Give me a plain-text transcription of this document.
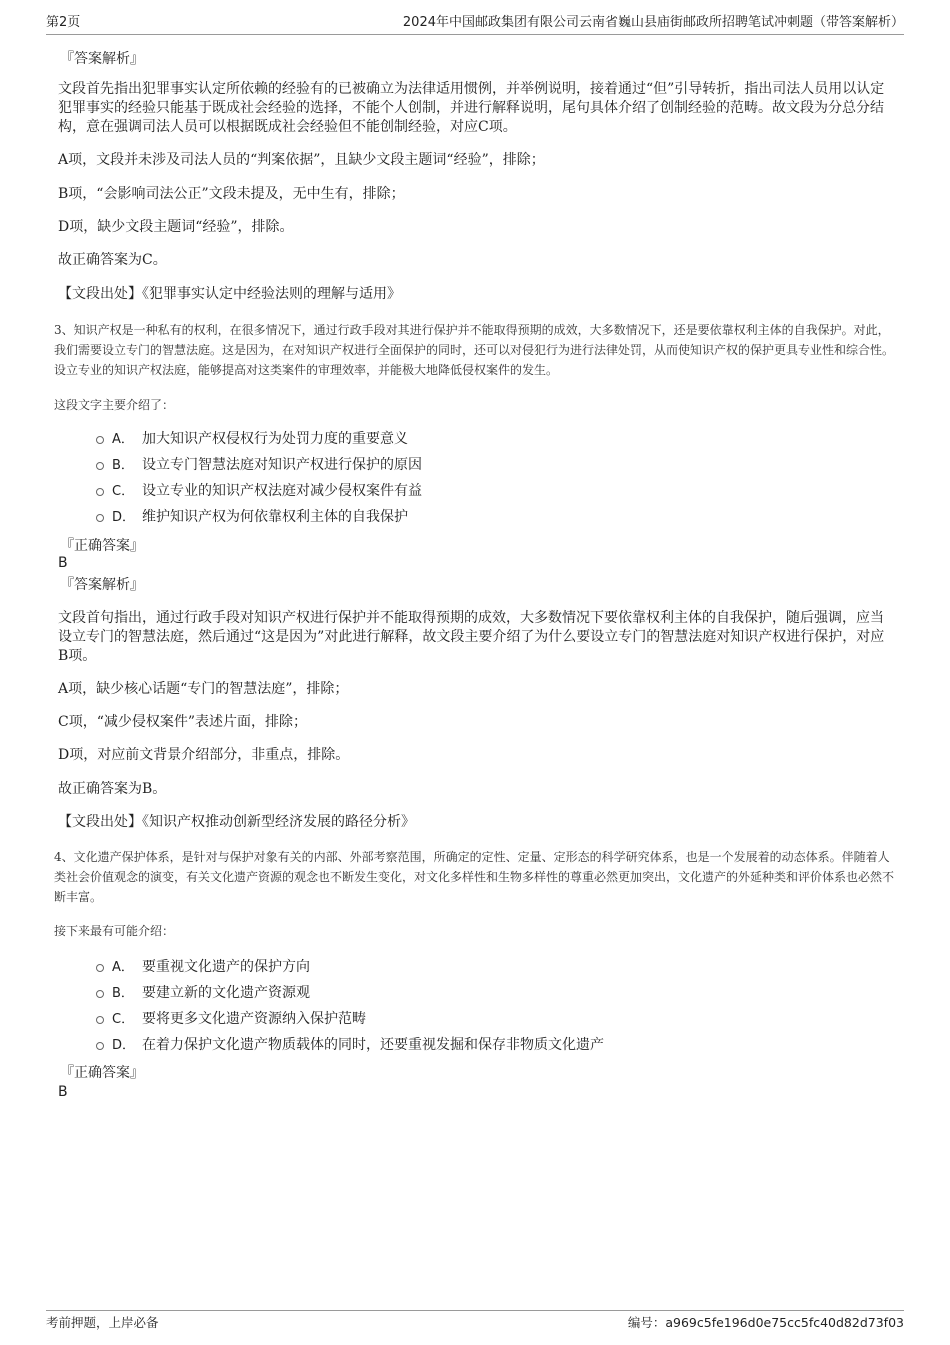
第2页	2024年中国邮政集团有限公司云南省巍山县庙街邮政所招聘笔试冲刺题（带答案解析）
『答案解析』

文段首先指出犯罪事实认定所依赖的经验有的已被确立为法律适用惯例，并举例说明，接着通过“但”引导转折，指出司法人员用以认定犯罪事实的经验只能基于既成社会经验的选择，不能个人创制，并进行解释说明，尾句具体介绍了创制经验的范畴。故文段为分总分结构，意在强调司法人员可以根据既成社会经验但不能创制经验，对应C项。

A项，文段并未涉及司法人员的“判案依据”，且缺少文段主题词“经验”，排除；
B项，“会影响司法公正”文段未提及，无中生有，排除；
D项，缺少文段主题词“经验”，排除。
故正确答案为C。
【文段出处】《犯罪事实认定中经验法则的理解与适用》

3、知识产权是一种私有的权利，在很多情况下，通过行政手段对其进行保护并不能取得预期的成效，大多数情况下，还是要依靠权利主体的自我保护。对此，我们需要设立专门的智慧法庭。这是因为，在对知识产权进行全面保护的同时，还可以对侵犯行为进行法律处罚，从而使知识产权的保护更具专业性和综合性。设立专业的知识产权法庭，能够提高对这类案件的审理效率，并能极大地降低侵权案件的发生。

这段文字主要介绍了：
A． 加大知识产权侵权行为处罚力度的重要意义
B． 设立专门智慧法庭对知识产权进行保护的原因
C． 设立专业的知识产权法庭对减少侵权案件有益
D． 维护知识产权为何依靠权利主体的自我保护
『正确答案』
B
『答案解析』

文段首句指出，通过行政手段对知识产权进行保护并不能取得预期的成效，大多数情况下要依靠权利主体的自我保护，随后强调，应当设立专门的智慧法庭，然后通过“这是因为”对此进行解释，故文段主要介绍了为什么要设立专门的智慧法庭对知识产权进行保护，对应B项。

A项，缺少核心话题“专门的智慧法庭”，排除；
C项，“减少侵权案件”表述片面，排除；
D项，对应前文背景介绍部分，非重点，排除。
故正确答案为B。
【文段出处】《知识产权推动创新型经济发展的路径分析》

4、文化遗产保护体系，是针对与保护对象有关的内部、外部考察范围，所确定的定性、定量、定形态的科学研究体系，也是一个发展着的动态体系。伴随着人类社会价值观念的演变，有关文化遗产资源的观念也不断发生变化，对文化多样性和生物多样性的尊重必然更加突出，文化遗产的外延种类和评价体系也必然不断丰富。

接下来最有可能介绍：
A． 要重视文化遗产的保护方向
B． 要建立新的文化遗产资源观
C． 要将更多文化遗产资源纳入保护范畴
D． 在着力保护文化遗产物质载体的同时，还要重视发掘和保存非物质文化遗产
『正确答案』
B
考前押题，上岸必备	编号：a969c5fe196d0e75cc5fc40d82d73f03
